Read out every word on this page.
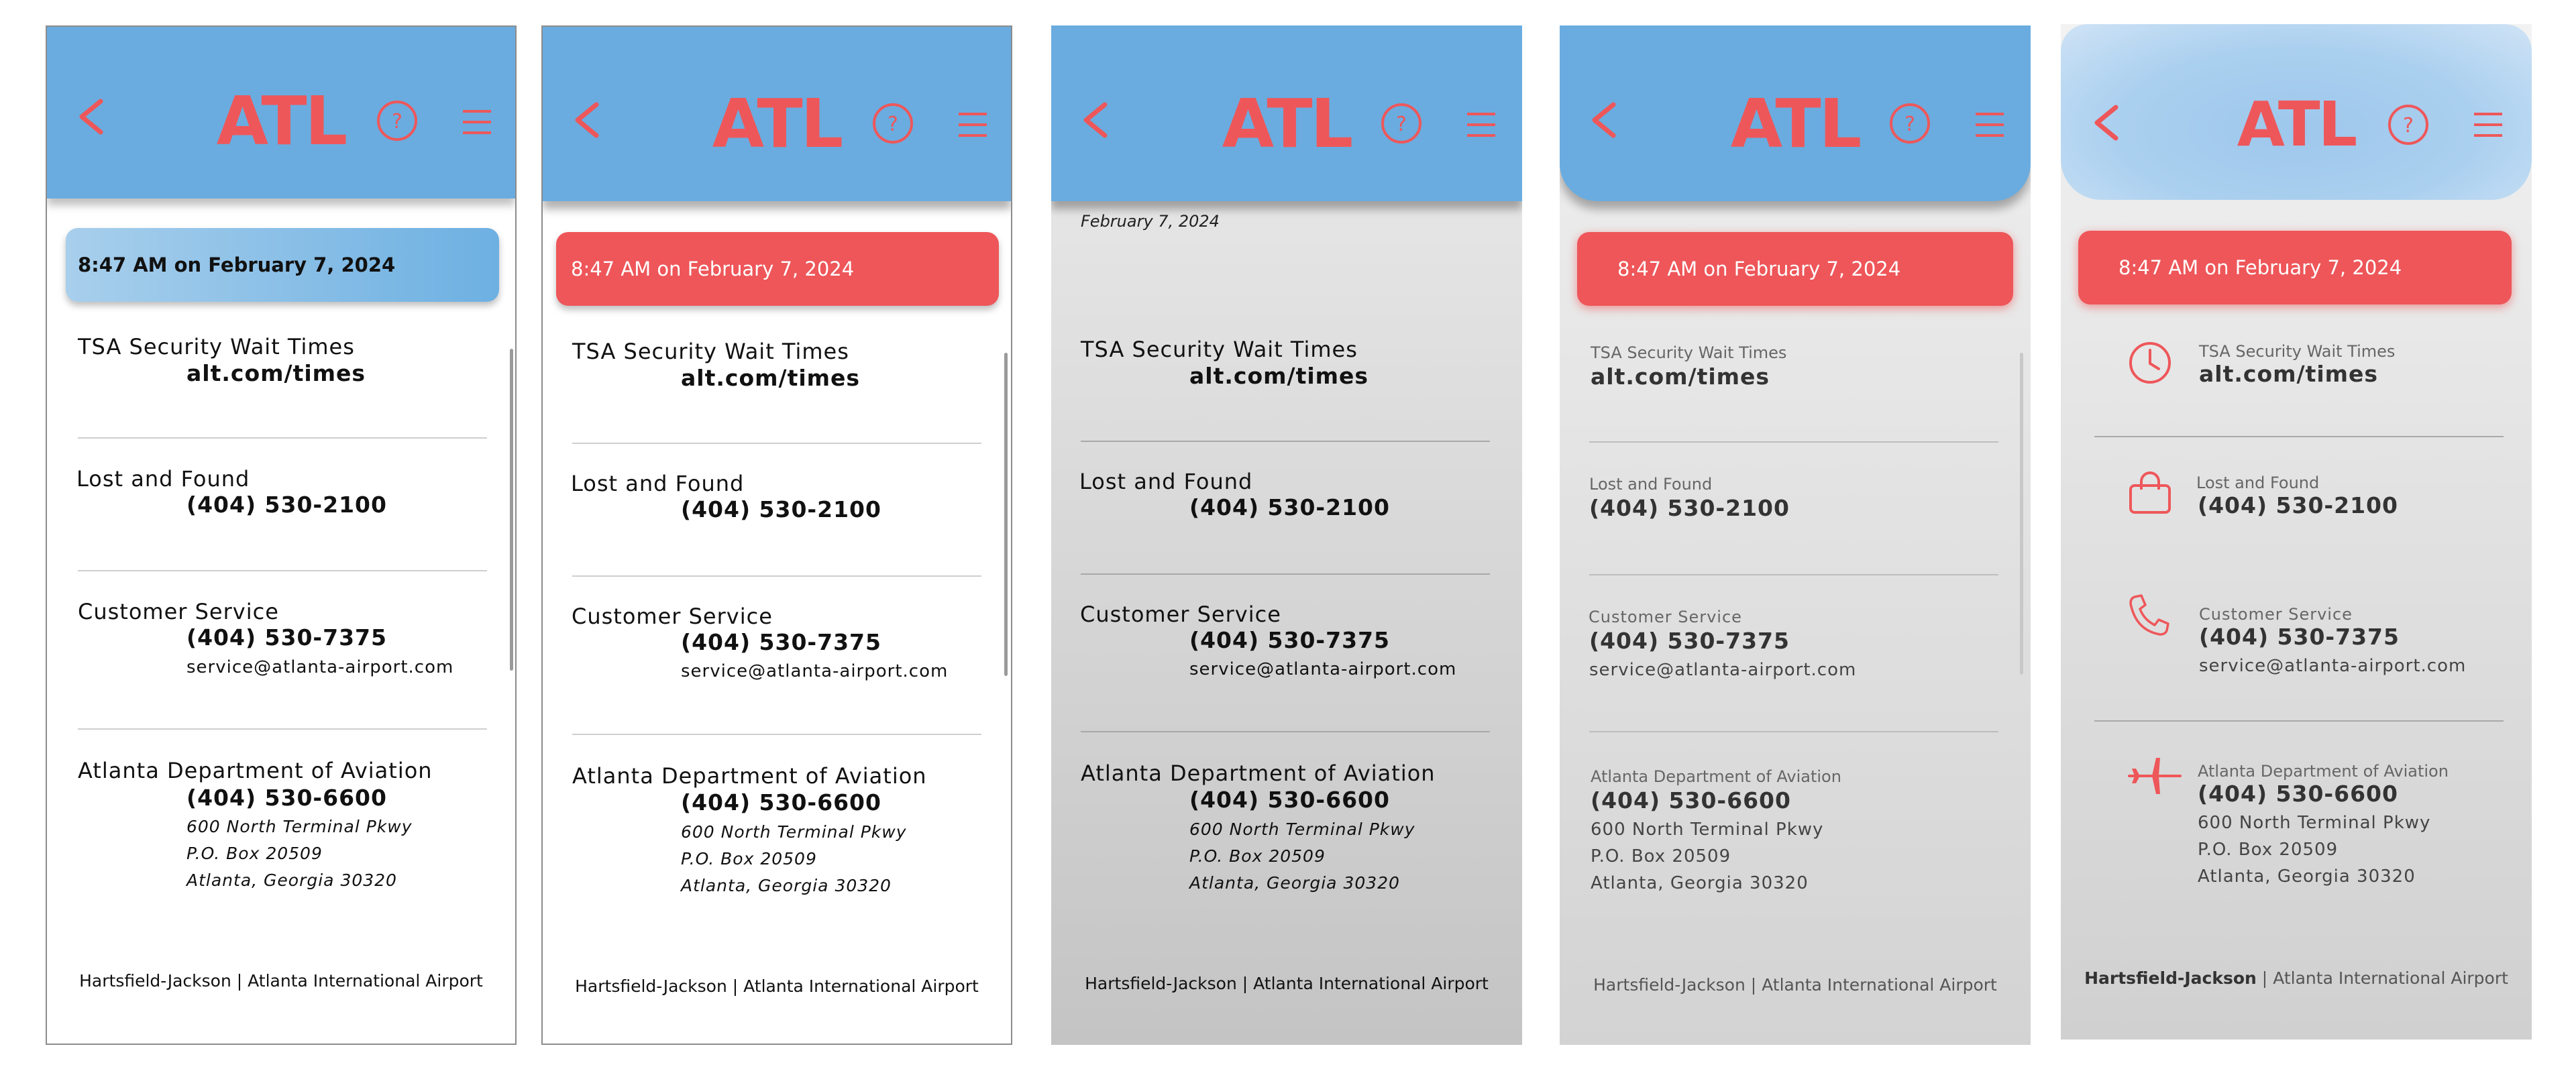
ATL	?
8:47 AM on February 7, 2024
TSA Security Wait Times
alt.com/times
Lost and Found
(404) 530-2100
Customer Service
(404) 530-7375
service@atlanta-airport.com
Atlanta Department of Aviation
(404) 530-6600
600 North Terminal Pkwy
P.O. Box 20509
Atlanta, Georgia 30320
Hartsfield-Jackson | Atlanta International Airport
ATL	?
8:47 AM on February 7, 2024
TSA Security Wait Times
alt.com/times
Lost and Found
(404) 530-2100
Customer Service
(404) 530-7375
service@atlanta-airport.com
Atlanta Department of Aviation
(404) 530-6600
600 North Terminal Pkwy
P.O. Box 20509
Atlanta, Georgia 30320
Hartsfield-Jackson | Atlanta International Airport
February 7, 2024
ATL	?
TSA Security Wait Times
alt.com/times
Lost and Found
(404) 530-2100
Customer Service
(404) 530-7375
service@atlanta-airport.com
Atlanta Department of Aviation
(404) 530-6600
600 North Terminal Pkwy
P.O. Box 20509
Atlanta, Georgia 30320
Hartsfield-Jackson | Atlanta International Airport
ATL	?
8:47 AM on February 7, 2024
TSA Security Wait Times
alt.com/times
Lost and Found
(404) 530-2100
Customer Service
(404) 530-7375
service@atlanta-airport.com
Atlanta Department of Aviation
(404) 530-6600
600 North Terminal Pkwy
P.O. Box 20509
Atlanta, Georgia 30320
Hartsfield-Jackson | Atlanta International Airport
ATL	?
8:47 AM on February 7, 2024
TSA Security Wait Times
alt.com/times
Lost and Found
(404) 530-2100
Customer Service
(404) 530-7375
service@atlanta-airport.com
Atlanta Department of Aviation
(404) 530-6600
600 North Terminal Pkwy
P.O. Box 20509
Atlanta, Georgia 30320
Hartsfield-Jackson | Atlanta International Airport
